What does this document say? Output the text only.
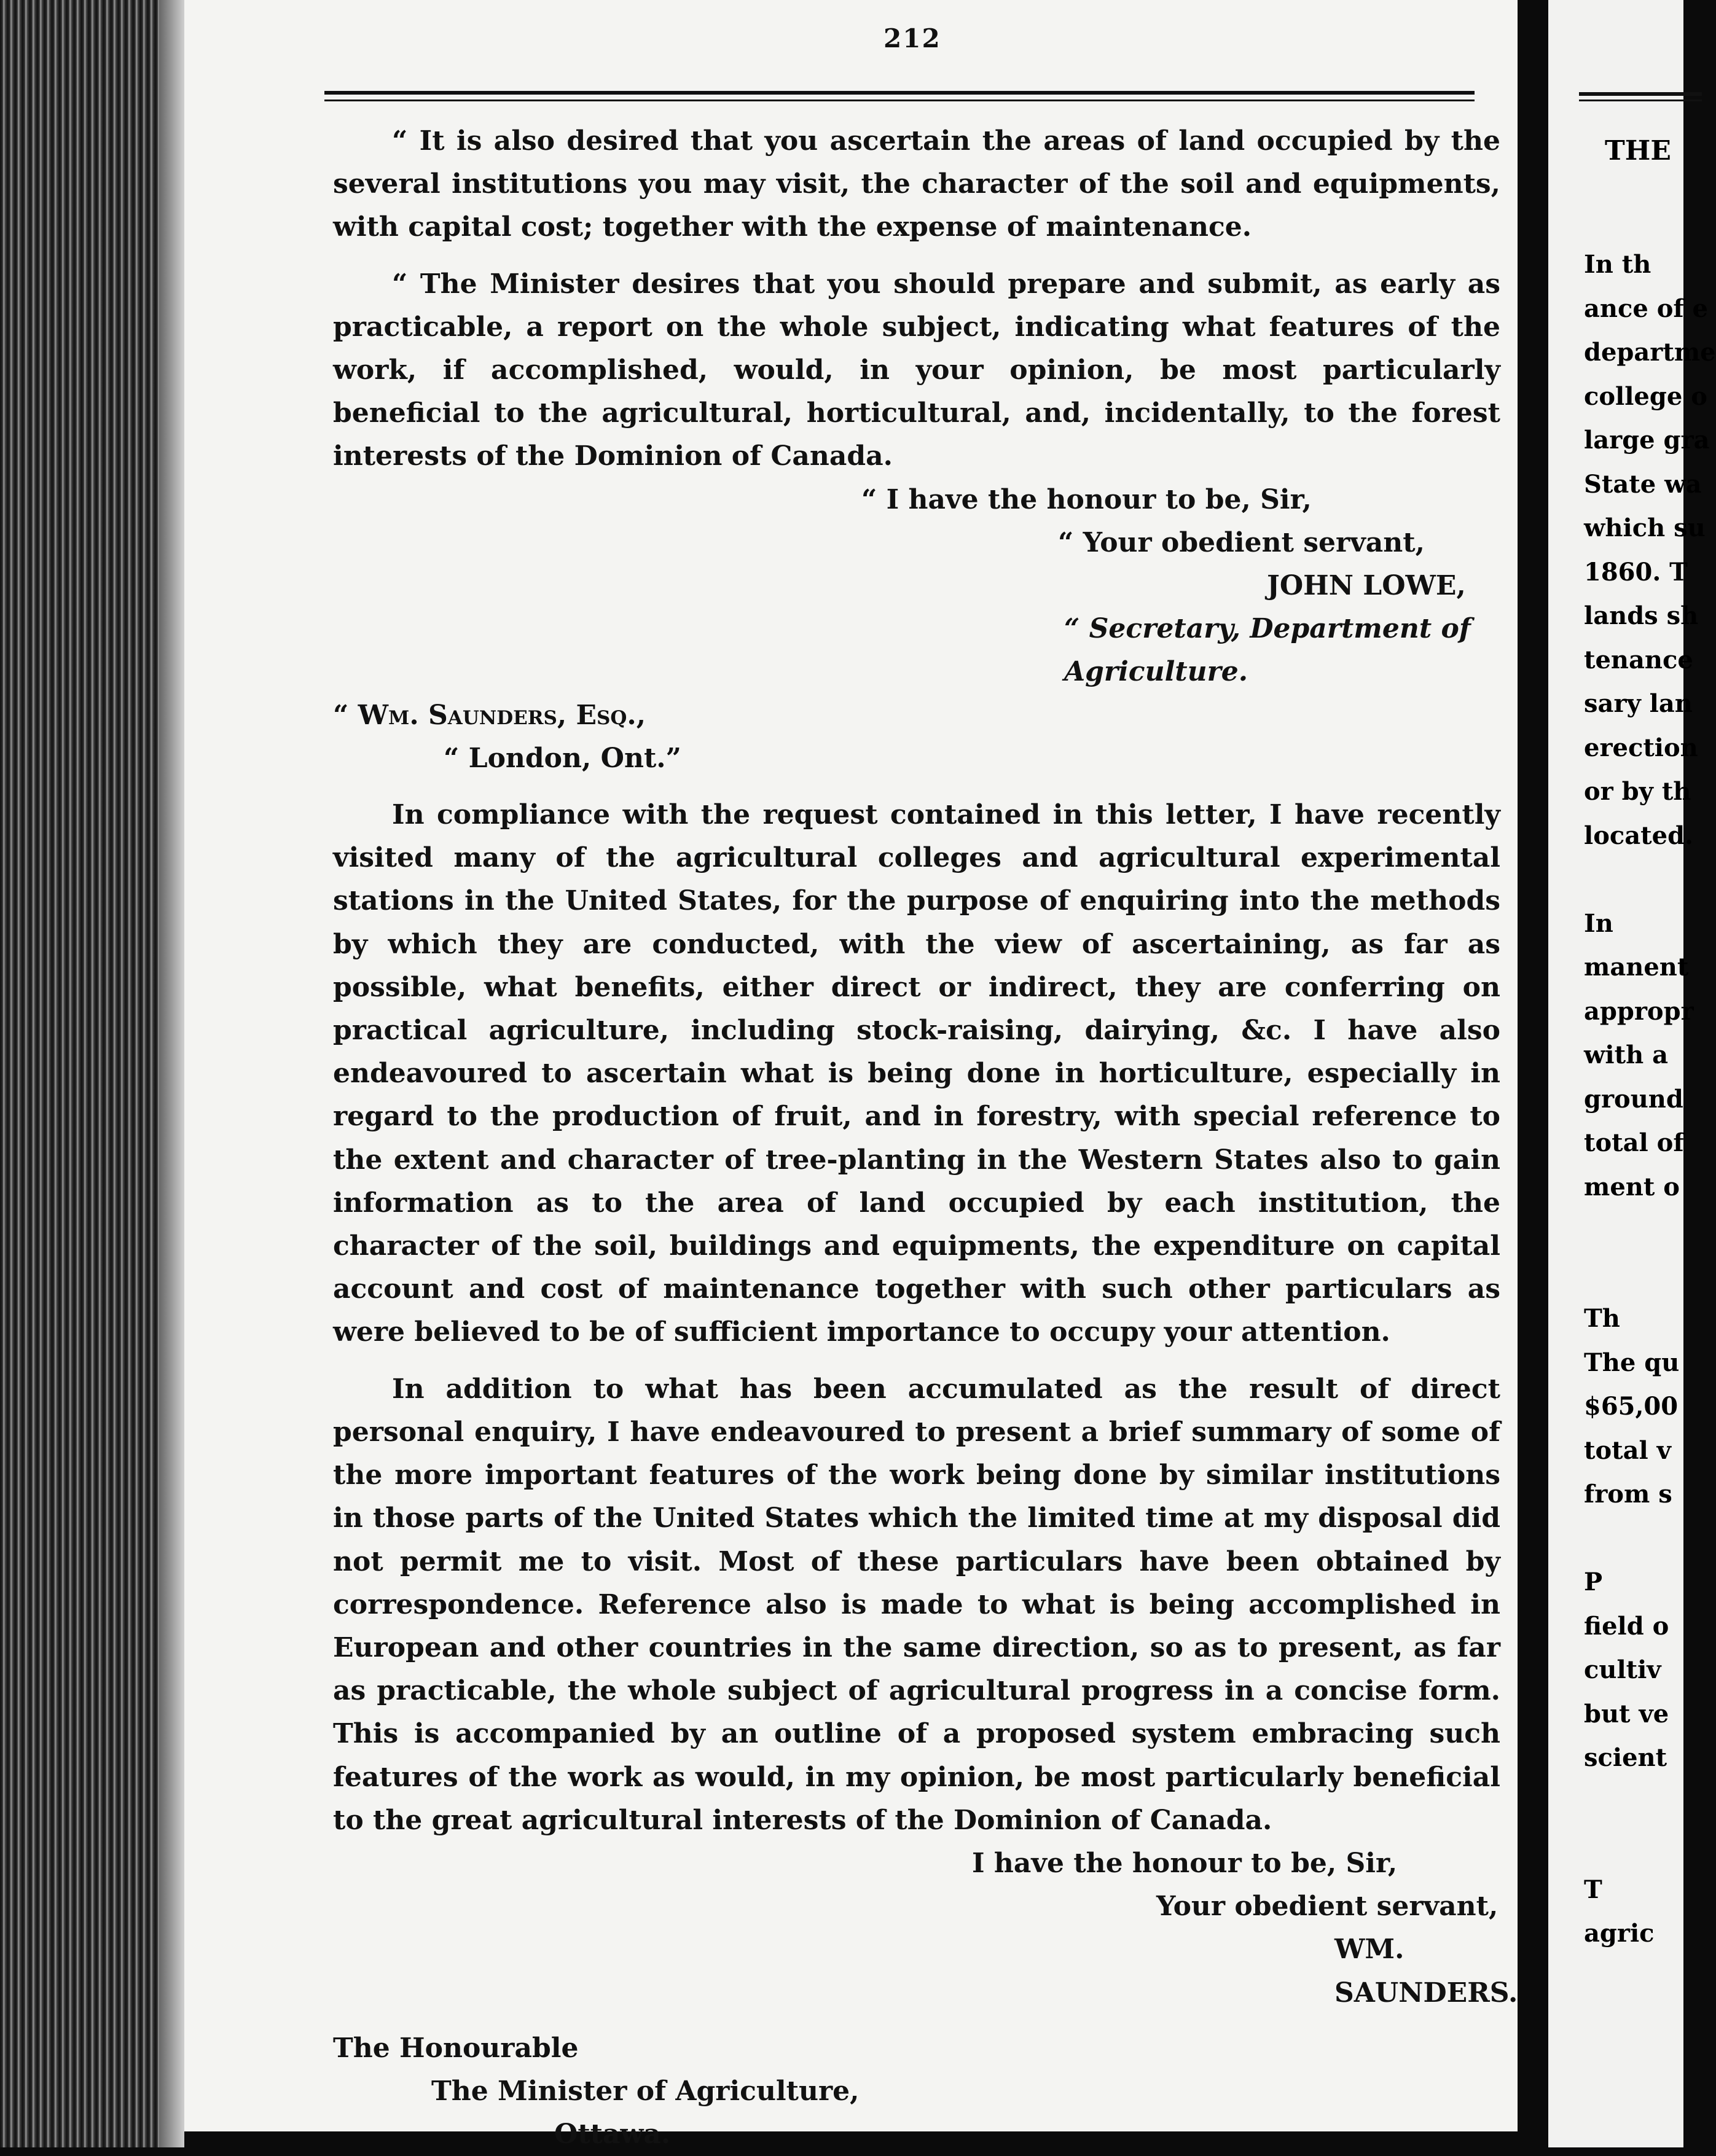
212

“ It is also desired that you ascertain the areas of land occupied by the several institutions you may visit, the character of the soil and equipments, with capital cost; together with the expense of maintenance.

“ The Minister desires that you should prepare and submit, as early as practicable, a report on the whole subject, indicating what features of the work, if accomplished, would, in your opinion, be most particularly beneficial to the agricultural, horticultural, and, incidentally, to the forest interests of the Dominion of Canada.

“ I have the honour to be, Sir,
“ Your obedient servant,
JOHN LOWE,
“ Secretary, Department of Agriculture.
“ Wm. Saunders, Esq.,
“ London, Ont.”

In compliance with the request contained in this letter, I have recently visited many of the agricultural colleges and agricultural experimental stations in the United States, for the purpose of enquiring into the methods by which they are conducted, with the view of ascertaining, as far as possible, what benefits, either direct or indirect, they are conferring on practical agriculture, including stock-raising, dairying, &c. I have also endeavoured to ascertain what is being done in horticulture, especially in regard to the production of fruit, and in forestry, with special reference to the extent and character of tree-planting in the Western States also to gain information as to the area of land occupied by each institution, the character of the soil, buildings and equipments, the expenditure on capital account and cost of maintenance together with such other particulars as were believed to be of sufficient importance to occupy your attention.

In addition to what has been accumulated as the result of direct personal enquiry, I have endeavoured to present a brief summary of some of the more important features of the work being done by similar institutions in those parts of the United States which the limited time at my disposal did not permit me to visit. Most of these particulars have been obtained by correspondence. Reference also is made to what is being accomplished in European and other countries in the same direction, so as to present, as far as practicable, the whole subject of agricultural progress in a concise form. This is accompanied by an outline of a proposed system embracing such features of the work as would, in my opinion, be most particularly beneficial to the great agricultural interests of the Dominion of Canada.

I have the honour to be, Sir,
Your obedient servant,
WM. SAUNDERS.
The Honourable
The Minister of Agriculture,
Ottawa.
THE
In th
ance of e
departme
college o
large gra
State wa
which su
1860. T
lands sh
tenance
sary lan
erection
or by th
located.

In
manent
appropr
with a
ground
total of
ment o

Th
The qu
$65,00
total v
from s

P
field o
cultiv
but ve
scient

T
agric
